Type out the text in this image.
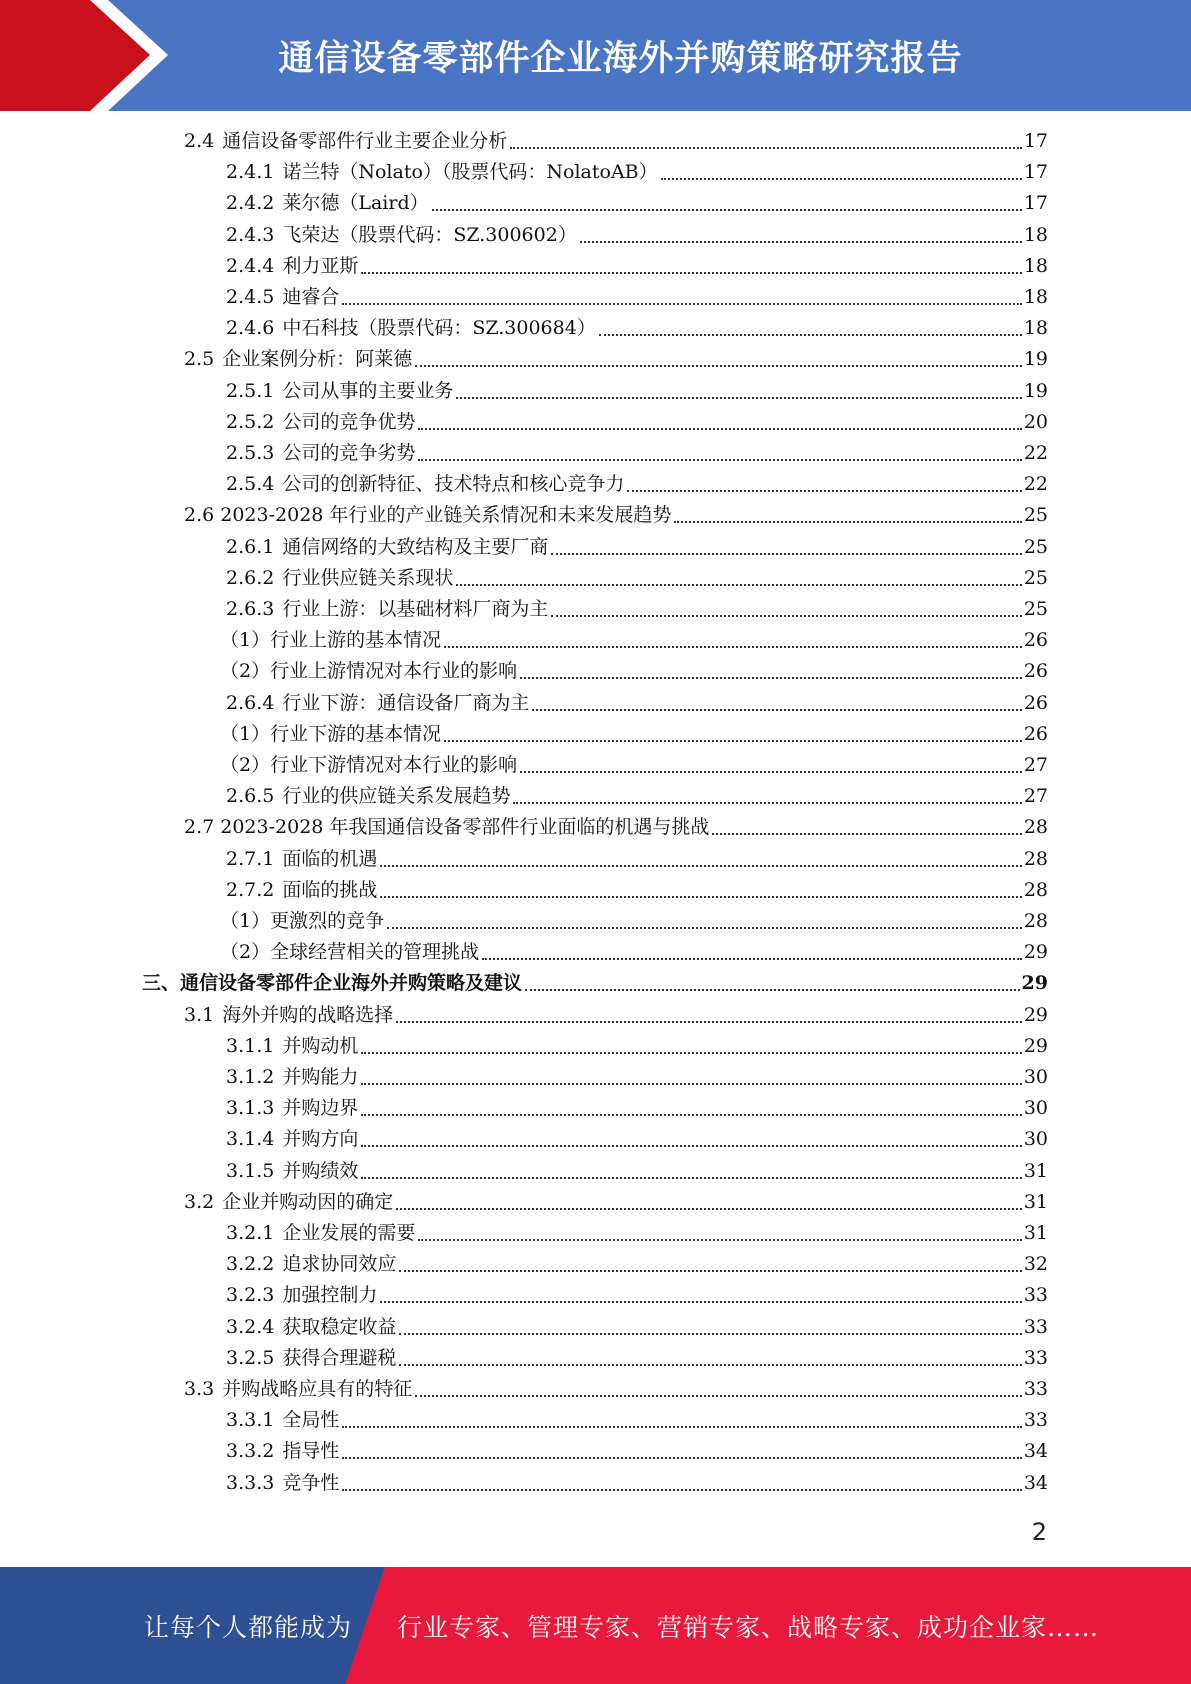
通信设备零部件企业海外并购策略研究报告
2.4 通信设备零部件行业主要企业分析	17
2.4.1 诺兰特（Nolato）（股票代码：NolatoAB）	17
2.4.2 莱尔德（Laird）	17
2.4.3 飞荣达（股票代码：SZ.300602）	18
2.4.4 利力亚斯	18
2.4.5 迪睿合	18
2.4.6 中石科技（股票代码：SZ.300684）	18
2.5 企业案例分析：阿莱德	19
2.5.1 公司从事的主要业务	19
2.5.2 公司的竞争优势	20
2.5.3 公司的竞争劣势	22
2.5.4 公司的创新特征、技术特点和核心竞争力	22
2.6 2023-2028 年行业的产业链关系情况和未来发展趋势	25
2.6.1 通信网络的大致结构及主要厂商	25
2.6.2 行业供应链关系现状	25
2.6.3 行业上游：以基础材料厂商为主	25
（1）行业上游的基本情况	26
（2）行业上游情况对本行业的影响	26
2.6.4 行业下游：通信设备厂商为主	26
（1）行业下游的基本情况	26
（2）行业下游情况对本行业的影响	27
2.6.5 行业的供应链关系发展趋势	27
2.7 2023-2028 年我国通信设备零部件行业面临的机遇与挑战	28
2.7.1 面临的机遇	28
2.7.2 面临的挑战	28
（1）更激烈的竞争	28
（2）全球经营相关的管理挑战	29
三、通信设备零部件企业海外并购策略及建议	29
3.1 海外并购的战略选择	29
3.1.1 并购动机	29
3.1.2 并购能力	30
3.1.3 并购边界	30
3.1.4 并购方向	30
3.1.5 并购绩效	31
3.2 企业并购动因的确定	31
3.2.1 企业发展的需要	31
3.2.2 追求协同效应	32
3.2.3 加强控制力	33
3.2.4 获取稳定收益	33
3.2.5 获得合理避税	33
3.3 并购战略应具有的特征	33
3.3.1 全局性	33
3.3.2 指导性	34
3.3.3 竞争性	34
2
让每个人都能成为 行业专家、管理专家、营销专家、战略专家、成功企业家……
